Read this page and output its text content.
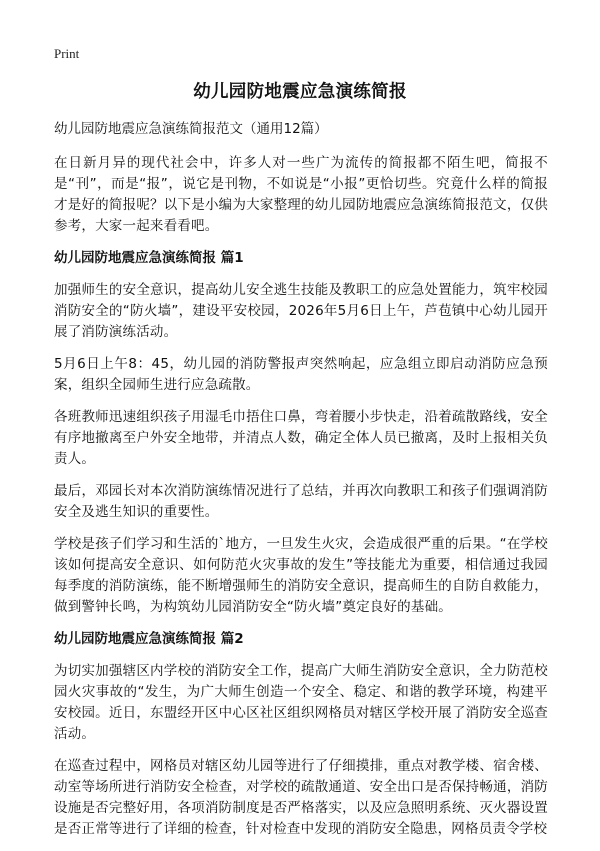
Print
幼儿园防地震应急演练简报

幼儿园防地震应急演练简报范文（通用12篇）

在日新月异的现代社会中，许多人对一些广为流传的简报都不陌生吧，简报不是“刊”，而是“报”，说它是刊物，不如说是“小报”更恰切些。究竟什么样的简报才是好的简报呢？以下是小编为大家整理的幼儿园防地震应急演练简报范文，仅供参考，大家一起来看看吧。

幼儿园防地震应急演练简报 篇1

加强师生的安全意识，提高幼儿安全逃生技能及教职工的应急处置能力，筑牢校园消防安全的“防火墙”，建设平安校园，2026年5月6日上午，芦苞镇中心幼儿园开展了消防演练活动。

5月6日上午8：45，幼儿园的消防警报声突然响起，应急组立即启动消防应急预案，组织全园师生进行应急疏散。

各班教师迅速组织孩子用湿毛巾捂住口鼻，弯着腰小步快走，沿着疏散路线，安全有序地撤离至户外安全地带，并清点人数，确定全体人员已撤离，及时上报相关负责人。

最后，邓园长对本次消防演练情况进行了总结，并再次向教职工和孩子们强调消防安全及逃生知识的重要性。

学校是孩子们学习和生活的`地方，一旦发生火灾，会造成很严重的后果。“在学校该如何提高安全意识、如何防范火灾事故的发生”等技能尤为重要，相信通过我园每季度的消防演练，能不断增强师生的消防安全意识，提高师生的自防自救能力，做到警钟长鸣，为构筑幼儿园消防安全“防火墙”奠定良好的基础。

幼儿园防地震应急演练简报 篇2

为切实加强辖区内学校的消防安全工作，提高广大师生消防安全意识，全力防范校园火灾事故的“发生，为广大师生创造一个安全、稳定、和谐的教学环境，构建平安校园。近日，东盟经开区中心区社区组织网格员对辖区学校开展了消防安全巡查活动。

在巡查过程中，网格员对辖区幼儿园等进行了仔细摸排，重点对教学楼、宿舍楼、动室等场所进行消防安全检查，对学校的疏散通道、安全出口是否保持畅通，消防设施是否完整好用，各项消防制度是否严格落实，以及应急照明系统、灭火器设置是否正常等进行了详细的检查，针对检查中发现的消防安全隐患，网格员责令学校
